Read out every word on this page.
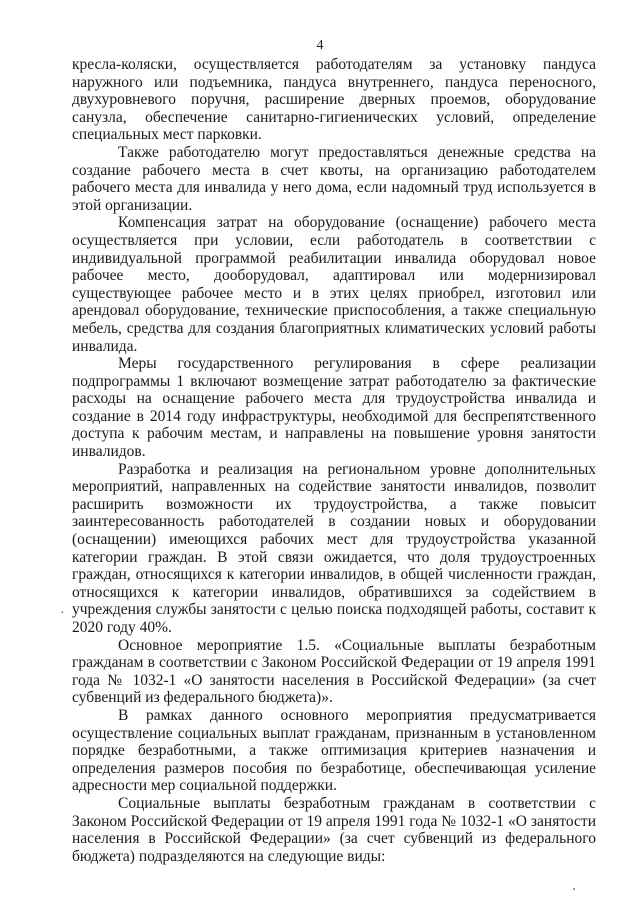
4

кресла-коляски, осуществляется работодателям за установку пандуса наружного или подъемника, пандуса внутреннего, пандуса переносного, двухуровневого поручня, расширение дверных проемов, оборудование санузла, обеспечение санитарно-гигиенических условий, определение специальных мест парковки.

Также работодателю могут предоставляться денежные средства на создание рабочего места в счет квоты, на организацию работодателем рабочего места для инвалида у него дома, если надомный труд используется в этой организации.

Компенсация затрат на оборудование (оснащение) рабочего места осуществляется при условии, если работодатель в соответствии с индивидуальной программой реабилитации инвалида оборудовал новое рабочее место, дооборудовал, адаптировал или модернизировал существующее рабочее место и в этих целях приобрел, изготовил или арендовал оборудование, технические приспособления, а также специальную мебель, средства для создания благоприятных климатических условий работы инвалида.

Меры государственного регулирования в сфере реализации подпрограммы 1 включают возмещение затрат работодателю за фактические расходы на оснащение рабочего места для трудоустройства инвалида и создание в 2014 году инфраструктуры, необходимой для беспрепятственного доступа к рабочим местам, и направлены на повышение уровня занятости инвалидов.

Разработка и реализация на региональном уровне дополнительных мероприятий, направленных на содействие занятости инвалидов, позволит расширить возможности их трудоустройства, а также повысит заинтересованность работодателей в создании новых и оборудовании (оснащении) имеющихся рабочих мест для трудоустройства указанной категории граждан. В этой связи ожидается, что доля трудоустроенных граждан, относящихся к категории инвалидов, в общей численности граждан, относящихся к категории инвалидов, обратившихся за содействием в учреждения службы занятости с целью поиска подходящей работы, составит к 2020 году 40%.

Основное мероприятие 1.5. «Социальные выплаты безработным гражданам в соответствии с Законом Российской Федерации от 19 апреля 1991 года № 1032-1 «О занятости населения в Российской Федерации» (за счет субвенций из федерального бюджета)».

В рамках данного основного мероприятия предусматривается осуществление социальных выплат гражданам, признанным в установленном порядке безработными, а также оптимизация критериев назначения и определения размеров пособия по безработице, обеспечивающая усиление адресности мер социальной поддержки.

Социальные выплаты безработным гражданам в соответствии с Законом Российской Федерации от 19 апреля 1991 года № 1032-1 «О занятости населения в Российской Федерации» (за счет субвенций из федерального бюджета) подразделяются на следующие виды:

·
